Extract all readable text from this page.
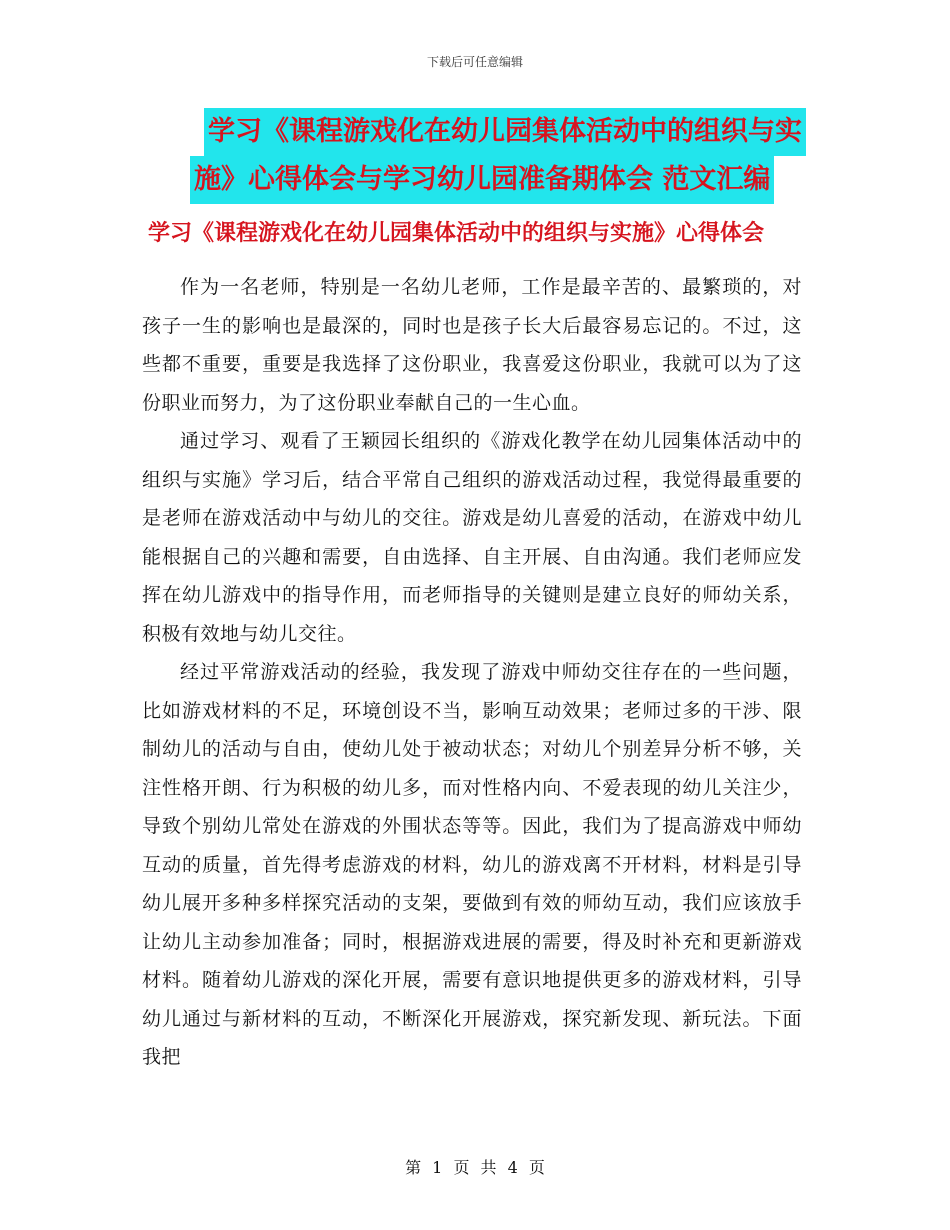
下载后可任意编辑
学习《课程游戏化在幼儿园集体活动中的组织与实
施》心得体会与学习幼儿园准备期体会 范文汇编
学习《课程游戏化在幼儿园集体活动中的组织与实施》心得体会

作为一名老师，特别是一名幼儿老师，工作是最辛苦的、最繁琐的，对孩子一生的影响也是最深的，同时也是孩子长大后最容易忘记的。不过，这些都不重要，重要是我选择了这份职业，我喜爱这份职业，我就可以为了这份职业而努力，为了这份职业奉献自己的一生心血。

通过学习、观看了王颖园长组织的《游戏化教学在幼儿园集体活动中的组织与实施》学习后，结合平常自己组织的游戏活动过程，我觉得最重要的是老师在游戏活动中与幼儿的交往。游戏是幼儿喜爱的活动，在游戏中幼儿能根据自己的兴趣和需要，自由选择、自主开展、自由沟通。我们老师应发挥在幼儿游戏中的指导作用，而老师指导的关键则是建立良好的师幼关系，积极有效地与幼儿交往。

经过平常游戏活动的经验，我发现了游戏中师幼交往存在的一些问题，比如游戏材料的不足，环境创设不当，影响互动效果；老师过多的干涉、限制幼儿的活动与自由，使幼儿处于被动状态；对幼儿个别差异分析不够，关注性格开朗、行为积极的幼儿多，而对性格内向、不爱表现的幼儿关注少，导致个别幼儿常处在游戏的外围状态等等。因此，我们为了提高游戏中师幼互动的质量，首先得考虑游戏的材料，幼儿的游戏离不开材料，材料是引导幼儿展开多种多样探究活动的支架，要做到有效的师幼互动，我们应该放手让幼儿主动参加准备；同时，根据游戏进展的需要，得及时补充和更新游戏材料。随着幼儿游戏的深化开展，需要有意识地提供更多的游戏材料，引导幼儿通过与新材料的互动，不断深化开展游戏，探究新发现、新玩法。下面我把

第 1 页 共 4 页
